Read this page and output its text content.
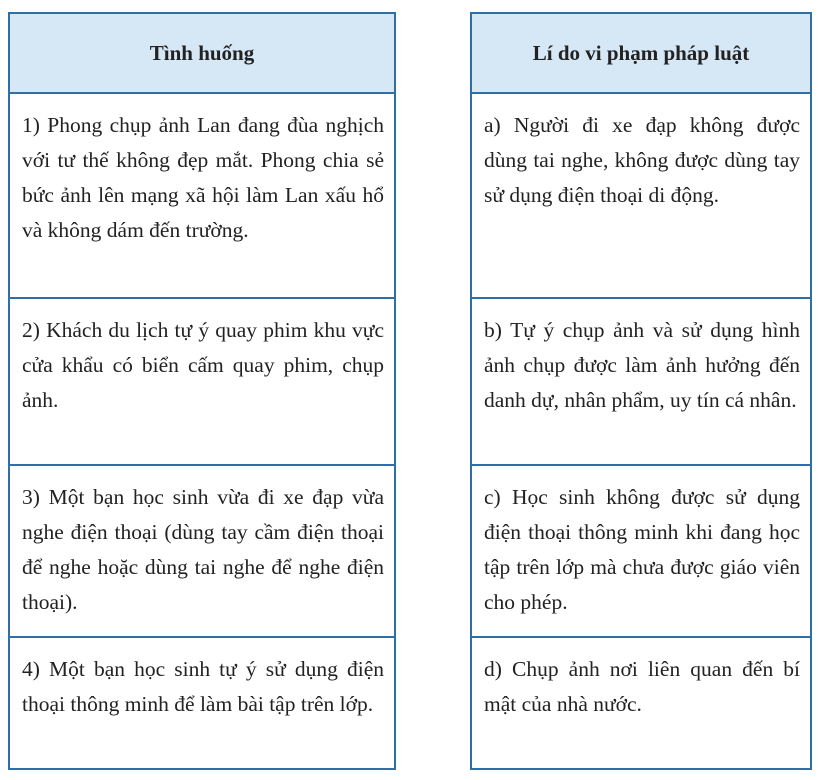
Tình huống
1) Phong chụp ảnh Lan đang đùa nghịch với tư thế không đẹp mắt. Phong chia sẻ bức ảnh lên mạng xã hội làm Lan xấu hổ và không dám đến trường.
2) Khách du lịch tự ý quay phim khu vực cửa khẩu có biển cấm quay phim, chụp ảnh.
3) Một bạn học sinh vừa đi xe đạp vừa nghe điện thoại (dùng tay cầm điện thoại để nghe hoặc dùng tai nghe để nghe điện thoại).
4) Một bạn học sinh tự ý sử dụng điện thoại thông minh để làm bài tập trên lớp.
Lí do vi phạm pháp luật
a) Người đi xe đạp không được dùng tai nghe, không được dùng tay sử dụng điện thoại di động.
b) Tự ý chụp ảnh và sử dụng hình ảnh chụp được làm ảnh hưởng đến danh dự, nhân phẩm, uy tín cá nhân.
c) Học sinh không được sử dụng điện thoại thông minh khi đang học tập trên lớp mà chưa được giáo viên cho phép.
d) Chụp ảnh nơi liên quan đến bí mật của nhà nước.
